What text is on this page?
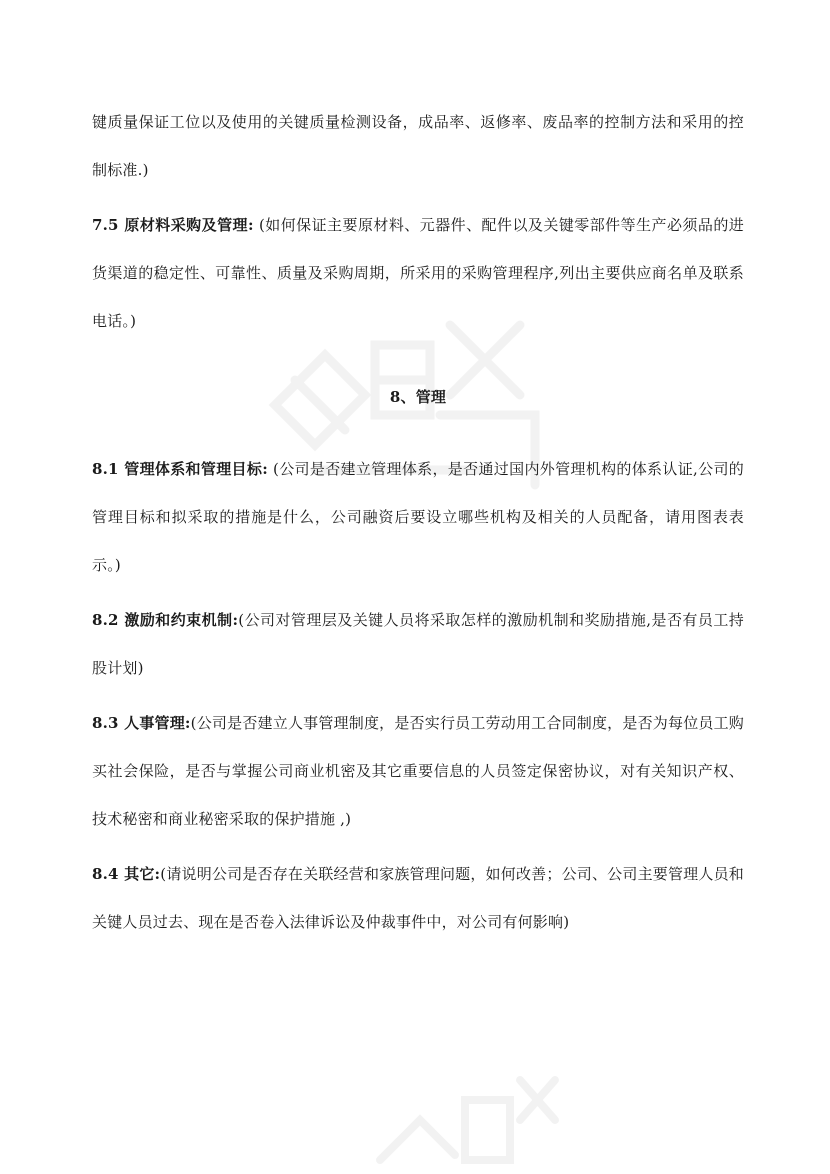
键质量保证工位以及使用的关键质量检测设备，成品率、返修率、废品率的控制方法和采用的控制标准.)

7.5 原材料采购及管理: (如何保证主要原材料、元器件、配件以及关键零部件等生产必须品的进货渠道的稳定性、可靠性、质量及采购周期，所采用的采购管理程序,列出主要供应商名单及联系电话。)

8、管理

8.1 管理体系和管理目标: (公司是否建立管理体系，是否通过国内外管理机构的体系认证,公司的管理目标和拟采取的措施是什么，公司融资后要设立哪些机构及相关的人员配备，请用图表表示。)

8.2 激励和约束机制:(公司对管理层及关键人员将采取怎样的激励机制和奖励措施,是否有员工持股计划)

8.3 人事管理:(公司是否建立人事管理制度，是否实行员工劳动用工合同制度，是否为每位员工购买社会保险，是否与掌握公司商业机密及其它重要信息的人员签定保密协议，对有关知识产权、技术秘密和商业秘密采取的保护措施 ,)

8.4 其它:(请说明公司是否存在关联经营和家族管理问题，如何改善；公司、公司主要管理人员和关键人员过去、现在是否卷入法律诉讼及仲裁事件中，对公司有何影响)
